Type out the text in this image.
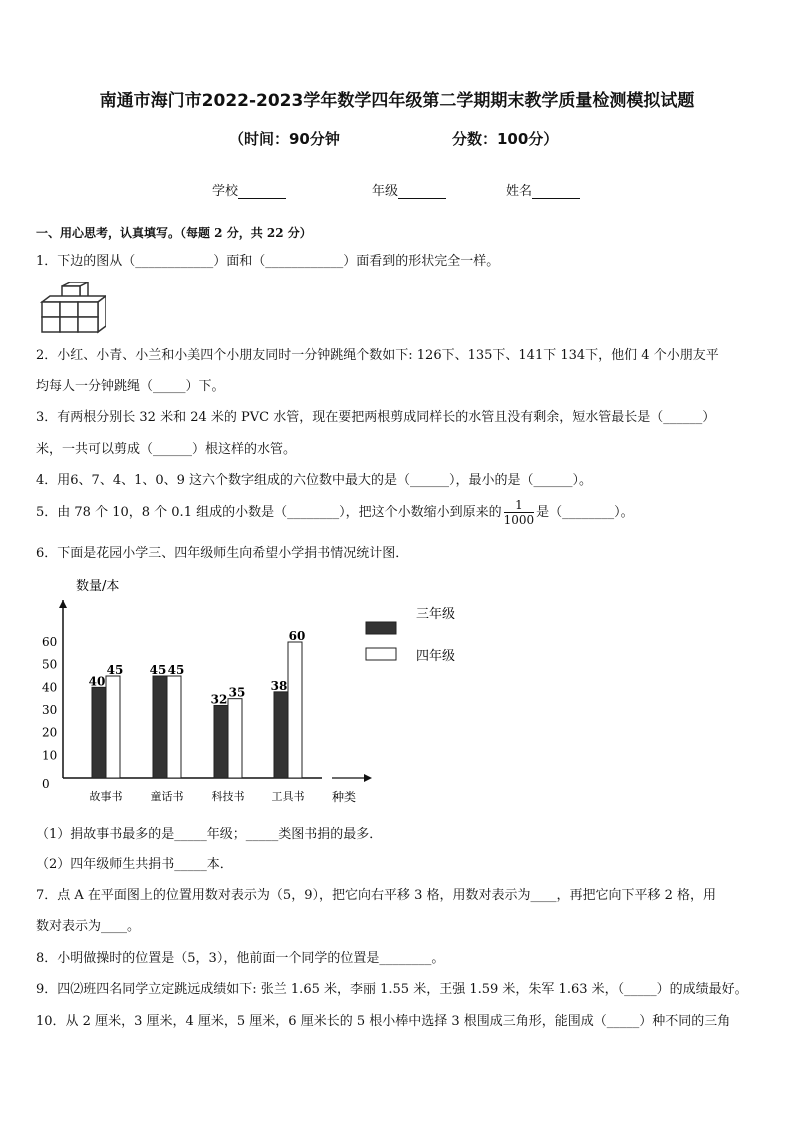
南通市海门市2022-2023学年数学四年级第二学期期末教学质量检测模拟试题
（时间：90分钟	分数：100分）
学校	年级	姓名
一、用心思考，认真填写。（每题 2 分，共 22 分）
1．下边的图从（____________）面和（____________）面看到的形状完全一样。
2．小红、小青、小兰和小美四个小朋友同时一分钟跳绳个数如下: 126下、135下、141下 134下，他们 4 个小朋友平
均每人一分钟跳绳（_____）下。
3．有两根分别长 32 米和 24 米的 PVC 水管，现在要把两根剪成同样长的水管且没有剩余，短水管最长是（______）
米，一共可以剪成（______）根这样的水管。
4．用6、7、4、1、0、9 这六个数字组成的六位数中最大的是（______），最小的是（______）。
5．由 78 个 10，8 个 0.1 组成的小数是（________），把这个小数缩小到原来的 $\frac{1}{1000}$ 是（________）。
6．下面是花园小学三、四年级师生向希望小学捐书情况统计图．
数量/本
种类
0
10
20
30
40
50
60
40
45
故事书
45 45
童话书
32 35
科技书
38
60
工具书
三年级
四年级
（1）捐故事书最多的是_____年级；_____类图书捐的最多．
（2）四年级师生共捐书_____本．
7．点 A 在平面图上的位置用数对表示为（5，9），把它向右平移 3 格，用数对表示为____，再把它向下平移 2 格，用
数对表示为____。
8．小明做操时的位置是（5，3），他前面一个同学的位置是________。
9．四⑵班四名同学立定跳远成绩如下: 张兰 1.65 米，李丽 1.55 米，王强 1.59 米，朱军 1.63 米，（_____）的成绩最好。
10．从 2 厘米，3 厘米，4 厘米，5 厘米，6 厘米长的 5 根小棒中选择 3 根围成三角形，能围成（_____）种不同的三角
